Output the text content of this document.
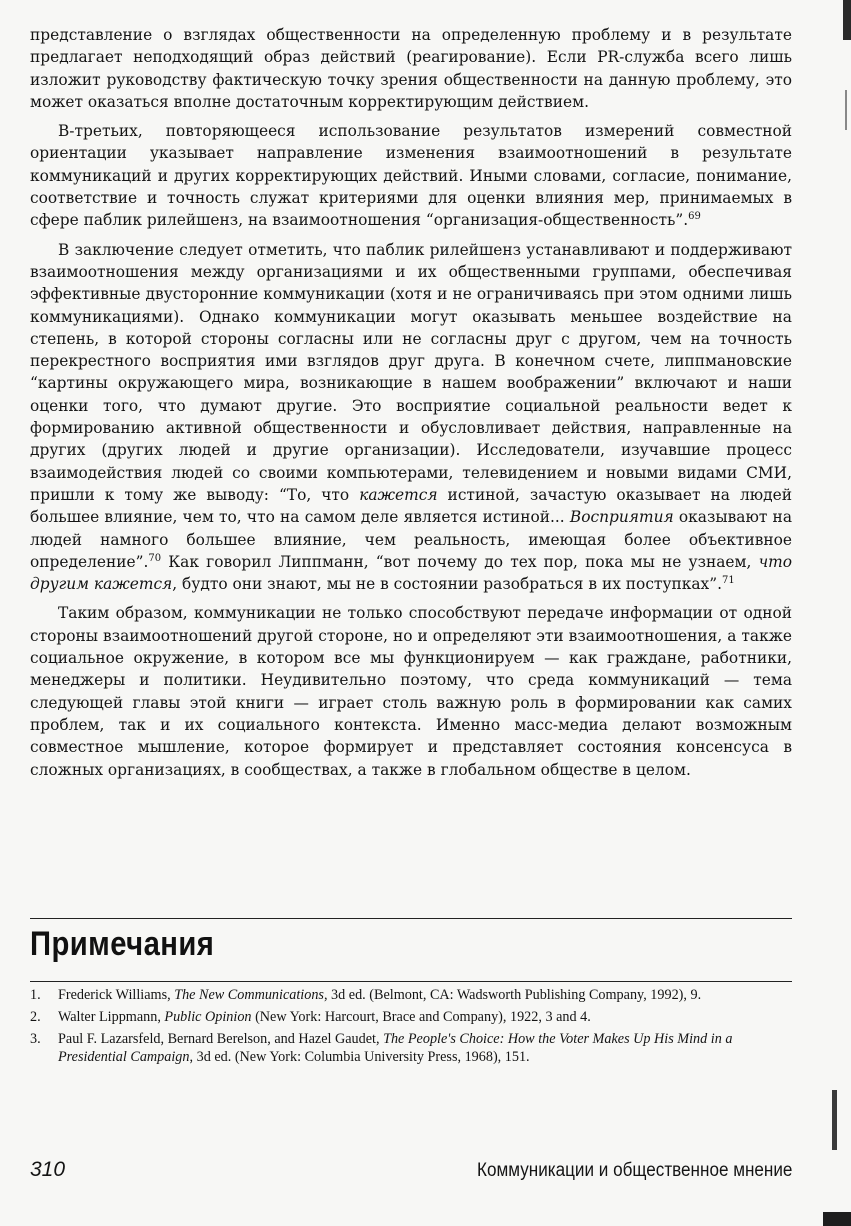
представление о взглядах общественности на определенную проблему и в результате предлагает неподходящий образ действий (реагирование). Если PR-служба всего лишь изложит руководству фактическую точку зрения общественности на данную проблему, это может оказаться вполне достаточным корректирующим действием.

В-третьих, повторяющееся использование результатов измерений совместной ориентации указывает направление изменения взаимоотношений в результате коммуникаций и других корректирующих действий. Иными словами, согласие, понимание, соответствие и точность служат критериями для оценки влияния мер, принимаемых в сфере паблик рилейшенз, на взаимоотношения “организация-общественность”.$^{69}$

В заключение следует отметить, что паблик рилейшенз устанавливают и поддерживают взаимоотношения между организациями и их общественными группами, обеспечивая эффективные двусторонние коммуникации (хотя и не ограничиваясь при этом одними лишь коммуникациями). Однако коммуникации могут оказывать меньшее воздействие на степень, в которой стороны согласны или не согласны друг с другом, чем на точность перекрестного восприятия ими взглядов друг друга. В конечном счете, липпмановские “картины окружающего мира, возникающие в нашем воображении” включают и наши оценки того, что думают другие. Это восприятие социальной реальности ведет к формированию активной общественности и обусловливает действия, направленные на других (других людей и другие организации). Исследователи, изучавшие процесс взаимодействия людей со своими компьютерами, телевидением и новыми видами СМИ, пришли к тому же выводу: “То, что кажется истиной, зачастую оказывает на людей большее влияние, чем то, что на самом деле является истиной... Восприятия оказывают на людей намного большее влияние, чем реальность, имеющая более объективное определение”.$^{70}$ Как говорил Липпманн, “вот почему до тех пор, пока мы не узнаем, что другим кажется, будто они знают, мы не в состоянии разобраться в их поступках”.$^{71}$

Таким образом, коммуникации не только способствуют передаче информации от одной стороны взаимоотношений другой стороне, но и определяют эти взаимоотношения, а также социальное окружение, в котором все мы функционируем — как граждане, работники, менеджеры и политики. Неудивительно поэтому, что среда коммуникаций — тема следующей главы этой книги — играет столь важную роль в формировании как самих проблем, так и их социального контекста. Именно масс-медиа делают возможным совместное мышление, которое формирует и представляет состояния консенсуса в сложных организациях, в сообществах, а также в глобальном обществе в целом.

Примечания
1.	Frederick Williams, The New Communications, 3d ed. (Belmont, CA: Wadsworth Publishing Company, 1992), 9.
2.	Walter Lippmann, Public Opinion (New York: Harcourt, Brace and Company), 1922, 3 and 4.
3.	Paul F. Lazarsfeld, Bernard Berelson, and Hazel Gaudet, The People's Choice: How the Voter Makes Up His Mind in a Presidential Campaign, 3d ed. (New York: Columbia University Press, 1968), 151.
310	Коммуникации и общественное мнение
